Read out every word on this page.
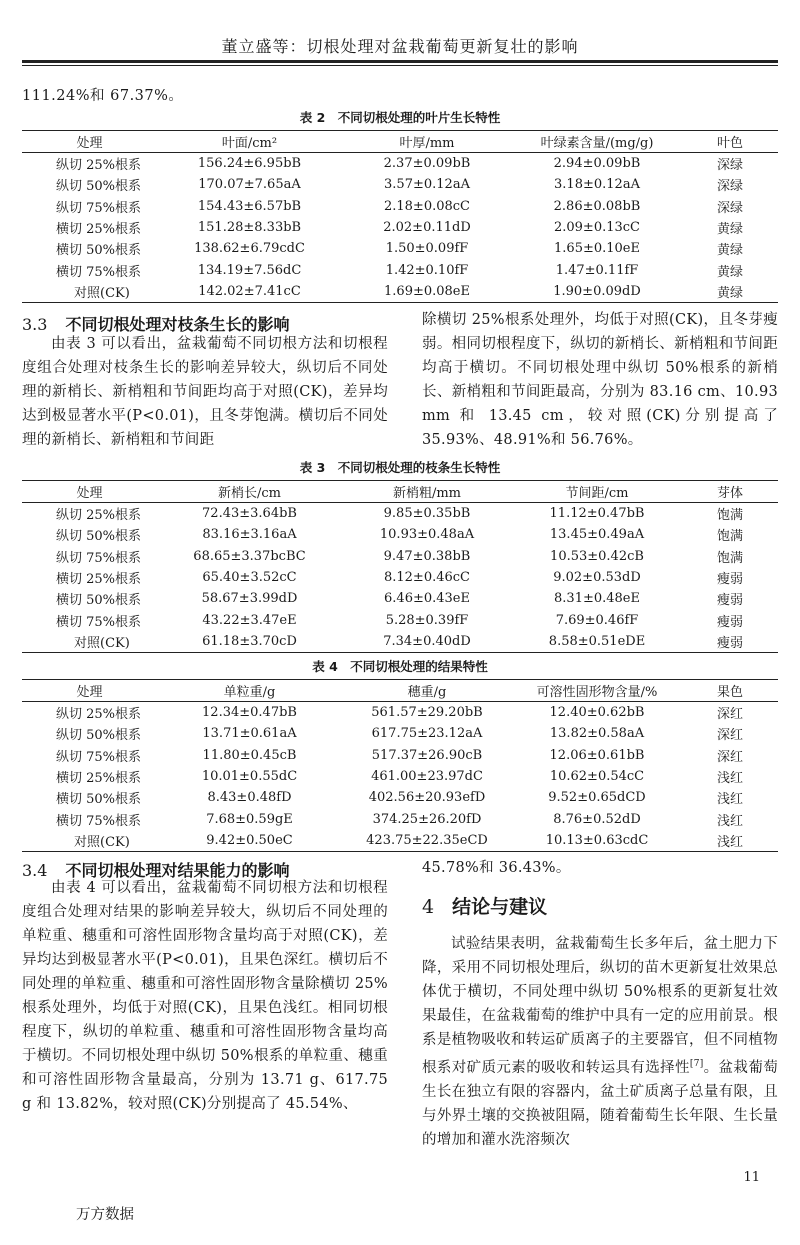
董立盛等：切根处理对盆栽葡萄更新复壮的影响
111.24%和 67.37%。
表 2　不同切根处理的叶片生长特性
处理	叶面/cm²	叶厚/mm	叶绿素含量/(mg/g)	叶色
纵切 25%根系	156.24±6.95bB	2.37±0.09bB	2.94±0.09bB	深绿
纵切 50%根系	170.07±7.65aA	3.57±0.12aA	3.18±0.12aA	深绿
纵切 75%根系	154.43±6.57bB	2.18±0.08cC	2.86±0.08bB	深绿
横切 25%根系	151.28±8.33bB	2.02±0.11dD	2.09±0.13cC	黄绿
横切 50%根系	138.62±6.79cdC	1.50±0.09fF	1.65±0.10eE	黄绿
横切 75%根系	134.19±7.56dC	1.42±0.10fF	1.47±0.11fF	黄绿
对照(CK)	142.02±7.41cC	1.69±0.08eE	1.90±0.09dD	黄绿
3.3 不同切根处理对枝条生长的影响
由表 3 可以看出，盆栽葡萄不同切根方法和切根程度组合处理对枝条生长的影响差异较大，纵切后不同处理的新梢长、新梢粗和节间距均高于对照(CK)，差异均达到极显著水平(P<0.01)，且冬芽饱满。横切后不同处理的新梢长、新梢粗和节间距
除横切 25%根系处理外，均低于对照(CK)，且冬芽瘦弱。相同切根程度下，纵切的新梢长、新梢粗和节间距均高于横切。不同切根处理中纵切 50%根系的新梢长、新梢粗和节间距最高，分别为 83.16 cm、10.93 mm 和 13.45 cm，较对照(CK)分别提高了 35.93%、48.91%和 56.76%。
表 3　不同切根处理的枝条生长特性
处理	新梢长/cm	新梢粗/mm	节间距/cm	芽体
纵切 25%根系	72.43±3.64bB	9.85±0.35bB	11.12±0.47bB	饱满
纵切 50%根系	83.16±3.16aA	10.93±0.48aA	13.45±0.49aA	饱满
纵切 75%根系	68.65±3.37bcBC	9.47±0.38bB	10.53±0.42cB	饱满
横切 25%根系	65.40±3.52cC	8.12±0.46cC	9.02±0.53dD	瘦弱
横切 50%根系	58.67±3.99dD	6.46±0.43eE	8.31±0.48eE	瘦弱
横切 75%根系	43.22±3.47eE	5.28±0.39fF	7.69±0.46fF	瘦弱
对照(CK)	61.18±3.70cD	7.34±0.40dD	8.58±0.51eDE	瘦弱
表 4　不同切根处理的结果特性
处理	单粒重/g	穗重/g	可溶性固形物含量/%	果色
纵切 25%根系	12.34±0.47bB	561.57±29.20bB	12.40±0.62bB	深红
纵切 50%根系	13.71±0.61aA	617.75±23.12aA	13.82±0.58aA	深红
纵切 75%根系	11.80±0.45cB	517.37±26.90cB	12.06±0.61bB	深红
横切 25%根系	10.01±0.55dC	461.00±23.97dC	10.62±0.54cC	浅红
横切 50%根系	8.43±0.48fD	402.56±20.93efD	9.52±0.65dCD	浅红
横切 75%根系	7.68±0.59gE	374.25±26.20fD	8.76±0.52dD	浅红
对照(CK)	9.42±0.50eC	423.75±22.35eCD	10.13±0.63cdC	浅红
3.4 不同切根处理对结果能力的影响
由表 4 可以看出，盆栽葡萄不同切根方法和切根程度组合处理对结果的影响差异较大，纵切后不同处理的单粒重、穗重和可溶性固形物含量均高于对照(CK)，差异均达到极显著水平(P<0.01)，且果色深红。横切后不同处理的单粒重、穗重和可溶性固形物含量除横切 25%根系处理外，均低于对照(CK)，且果色浅红。相同切根程度下，纵切的单粒重、穗重和可溶性固形物含量均高于横切。不同切根处理中纵切 50%根系的单粒重、穗重和可溶性固形物含量最高，分别为 13.71 g、617.75 g 和 13.82%，较对照(CK)分别提高了 45.54%、
45.78%和 36.43%。
4 结论与建议
试验结果表明，盆栽葡萄生长多年后，盆土肥力下降，采用不同切根处理后，纵切的苗木更新复壮效果总体优于横切，不同处理中纵切 50%根系的更新复壮效果最佳，在盆栽葡萄的维护中具有一定的应用前景。根系是植物吸收和转运矿质离子的主要器官，但不同植物根系对矿质元素的吸收和转运具有选择性[7]。盆栽葡萄生长在独立有限的容器内，盆土矿质离子总量有限，且与外界土壤的交换被阻隔，随着葡萄生长年限、生长量的增加和灌水洗溶频次
11
万方数据
